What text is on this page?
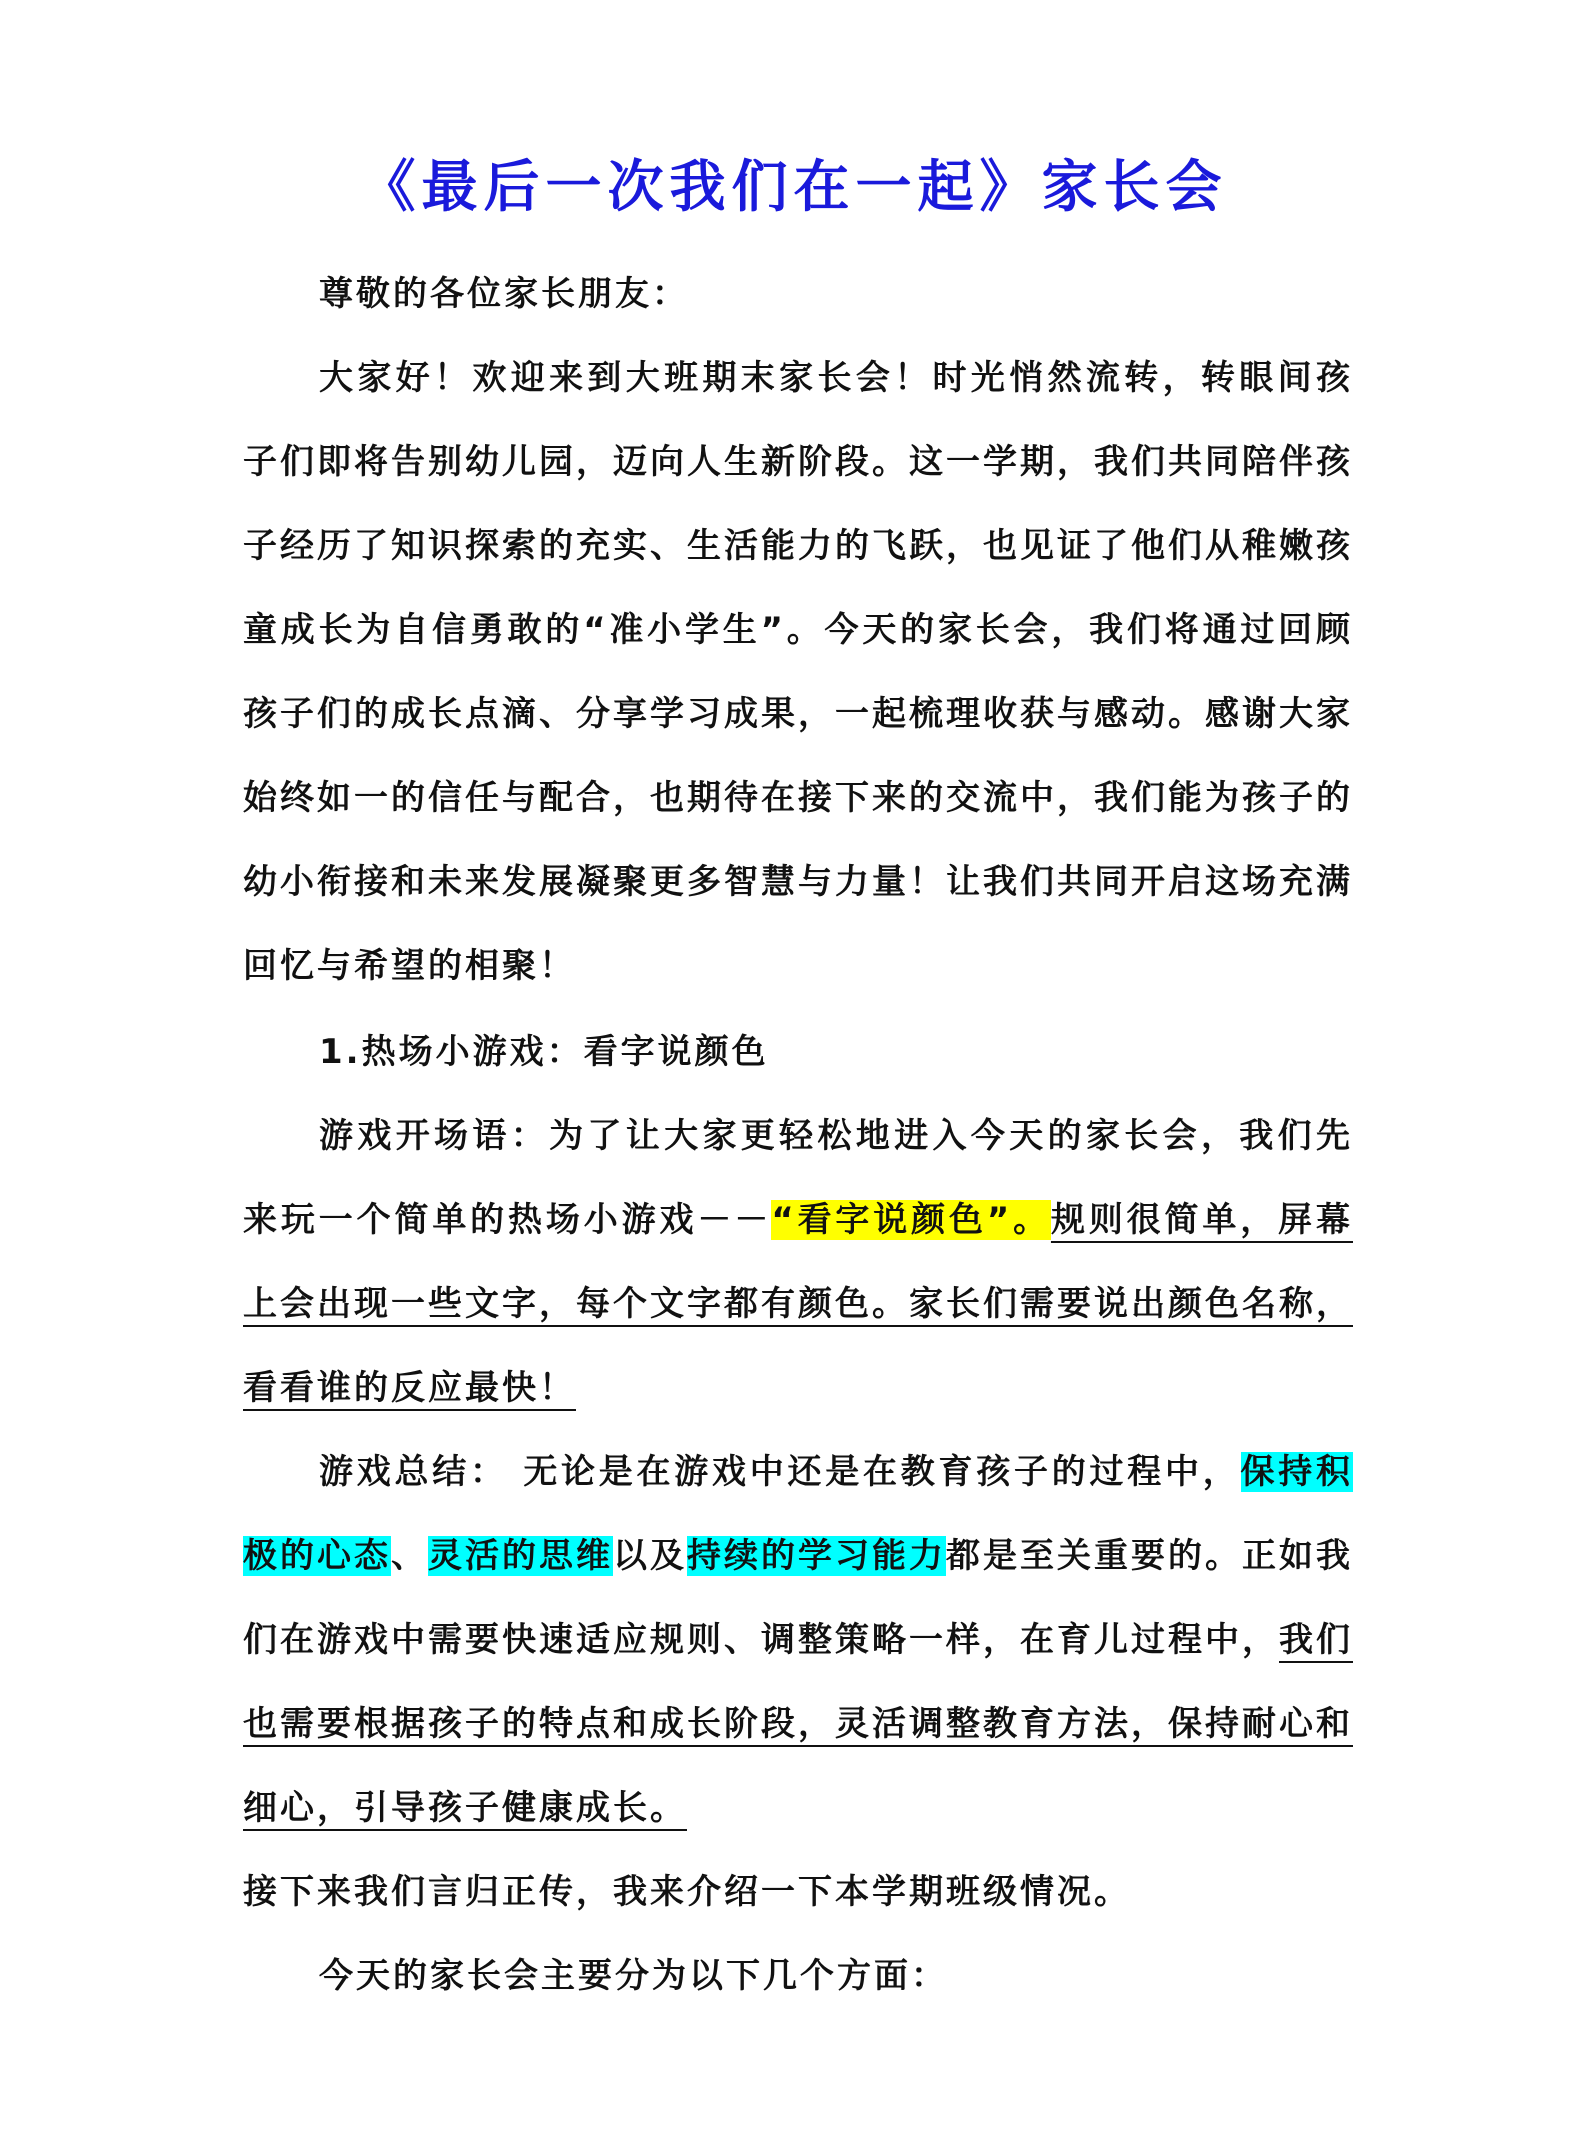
《最后一次我们在一起》家长会

尊敬的各位家长朋友：

大家好！欢迎来到大班期末家长会！时光悄然流转，转眼间孩子们即将告别幼儿园，迈向人生新阶段。这一学期，我们共同陪伴孩子经历了知识探索的充实、生活能力的飞跃，也见证了他们从稚嫩孩童成长为自信勇敢的“准小学生”。今天的家长会，我们将通过回顾孩子们的成长点滴、分享学习成果，一起梳理收获与感动。感谢大家始终如一的信任与配合，也期待在接下来的交流中，我们能为孩子的幼小衔接和未来发展凝聚更多智慧与力量！让我们共同开启这场充满回忆与希望的相聚！

1.热场小游戏：看字说颜色

游戏开场语：为了让大家更轻松地进入今天的家长会，我们先来玩一个简单的热场小游戏－－“看字说颜色”。规则很简单，屏幕上会出现一些文字，每个文字都有颜色。家长们需要说出颜色名称，看看谁的反应最快！

游戏总结： 无论是在游戏中还是在教育孩子的过程中，保持积极的心态、灵活的思维以及持续的学习能力都是至关重要的。正如我们在游戏中需要快速适应规则、调整策略一样，在育儿过程中，我们也需要根据孩子的特点和成长阶段，灵活调整教育方法，保持耐心和细心，引导孩子健康成长。

接下来我们言归正传，我来介绍一下本学期班级情况。

今天的家长会主要分为以下几个方面：
